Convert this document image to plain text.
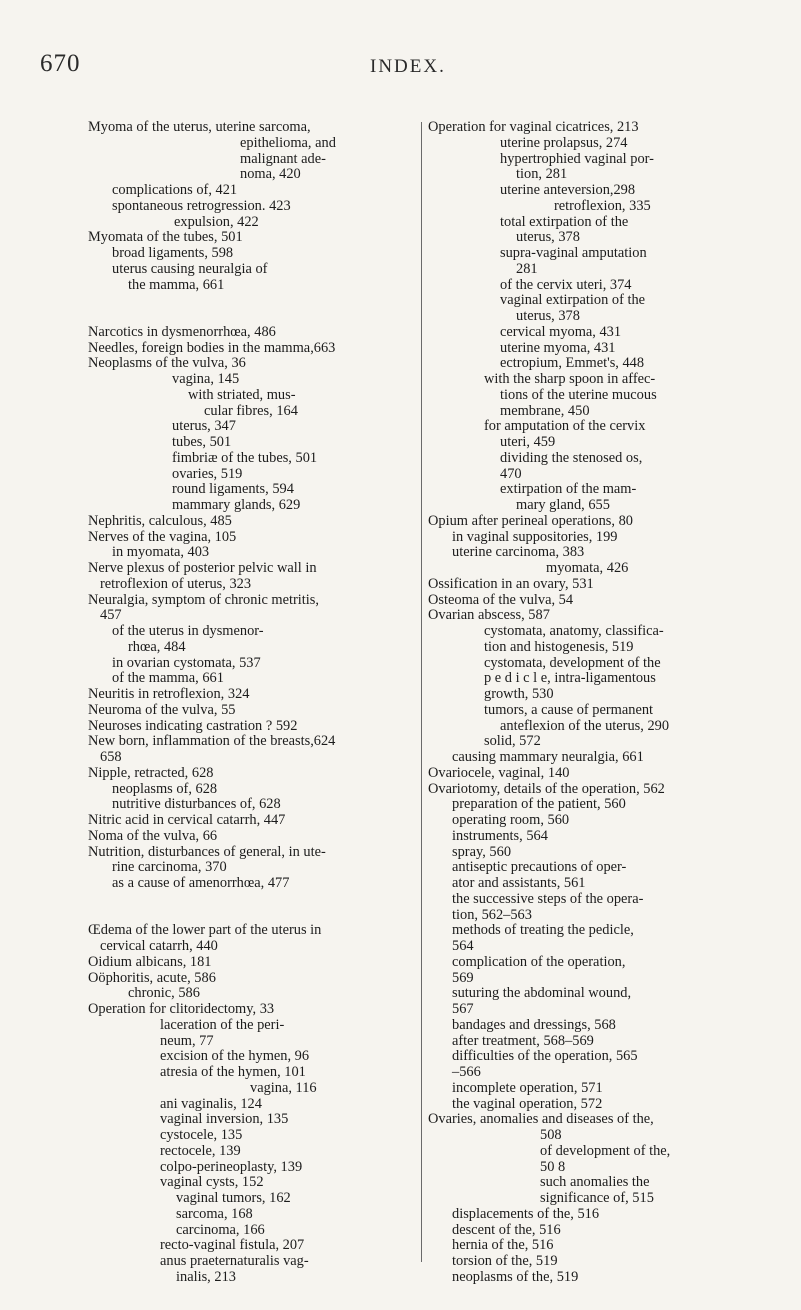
670	INDEX.
Myoma of the uterus, uterine sarcoma,
epithelioma, and
malignant ade-
noma, 420
complications of, 421
spontaneous retrogression. 423
expulsion, 422
Myomata of the tubes, 501
broad ligaments, 598
uterus causing neuralgia of
the mamma, 661
Narcotics in dysmenorrhœa, 486
Needles, foreign bodies in the mamma,663
Neoplasms of the vulva, 36
vagina, 145
with striated, mus-
cular fibres, 164
uterus, 347
tubes, 501
fimbriæ of the tubes, 501
ovaries, 519
round ligaments, 594
mammary glands, 629
Nephritis, calculous, 485
Nerves of the vagina, 105
in myomata, 403
Nerve plexus of posterior pelvic wall in
retroflexion of uterus, 323
Neuralgia, symptom of chronic metritis,
457
of the uterus in dysmenor-
rhœa, 484
in ovarian cystomata, 537
of the mamma, 661
Neuritis in retroflexion, 324
Neuroma of the vulva, 55
Neuroses indicating castration ? 592
New born, inflammation of the breasts,624
658
Nipple, retracted, 628
neoplasms of, 628
nutritive disturbances of, 628
Nitric acid in cervical catarrh, 447
Noma of the vulva, 66
Nutrition, disturbances of general, in ute-
rine carcinoma, 370
as a cause of amenorrhœa, 477
Œdema of the lower part of the uterus in
cervical catarrh, 440
Oidium albicans, 181
Oöphoritis, acute, 586
chronic, 586
Operation for clitoridectomy, 33
laceration of the peri-
neum, 77
excision of the hymen, 96
atresia of the hymen, 101
vagina, 116
ani vaginalis, 124
vaginal inversion, 135
cystocele, 135
rectocele, 139
colpo-perineoplasty, 139
vaginal cysts, 152
vaginal tumors, 162
sarcoma, 168
carcinoma, 166
recto-vaginal fistula, 207
anus praeternaturalis vag-
inalis, 213
Operation for vaginal cicatrices, 213
uterine prolapsus, 274
hypertrophied vaginal por-
tion, 281
uterine anteversion,298
retroflexion, 335
total extirpation of the
uterus, 378
supra-vaginal amputation
281
of the cervix uteri, 374
vaginal extirpation of the
uterus, 378
cervical myoma, 431
uterine myoma, 431
ectropium, Emmet's, 448
with the sharp spoon in affec-
tions of the uterine mucous
membrane, 450
for amputation of the cervix
uteri, 459
dividing the stenosed os,
470
extirpation of the mam-
mary gland, 655
Opium after perineal operations, 80
in vaginal suppositories, 199
uterine carcinoma, 383
myomata, 426
Ossification in an ovary, 531
Osteoma of the vulva, 54
Ovarian abscess, 587
cystomata, anatomy, classifica-
tion and histogenesis, 519
cystomata, development of the
p e d i c l e, intra-ligamentous
growth, 530
tumors, a cause of permanent
anteflexion of the uterus, 290
solid, 572
causing mammary neuralgia, 661
Ovariocele, vaginal, 140
Ovariotomy, details of the operation, 562
preparation of the patient, 560
operating room, 560
instruments, 564
spray, 560
antiseptic precautions of oper-
ator and assistants, 561
the successive steps of the opera-
tion, 562–563
methods of treating the pedicle,
564
complication of the operation,
569
suturing the abdominal wound,
567
bandages and dressings, 568
after treatment, 568–569
difficulties of the operation, 565
–566
incomplete operation, 571
the vaginal operation, 572
Ovaries, anomalies and diseases of the,
508
of development of the,
50 8
such anomalies the
significance of, 515
displacements of the, 516
descent of the, 516
hernia of the, 516
torsion of the, 519
neoplasms of the, 519
